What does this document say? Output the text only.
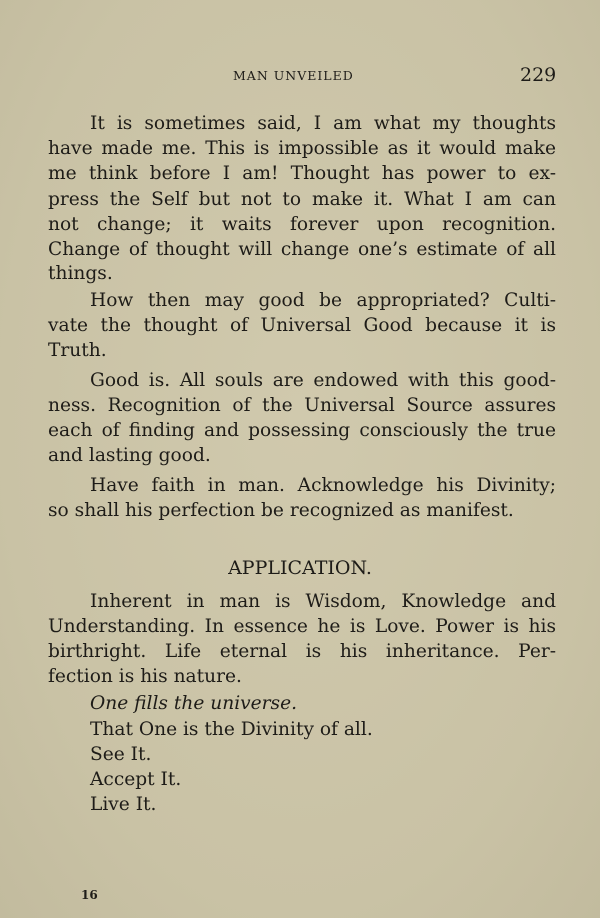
MAN UNVEILED	229
It is sometimes said, I am what my thoughts
have made me. This is impossible as it would make
me think before I am! Thought has power to ex-
press the Self but not to make it. What I am can
not change; it waits forever upon recognition.
Change of thought will change one’s estimate of all
things.
How then may good be appropriated? Culti-
vate the thought of Universal Good because it is
Truth.
Good is. All souls are endowed with this good-
ness. Recognition of the Universal Source assures
each of finding and possessing consciously the true
and lasting good.
Have faith in man. Acknowledge his Divinity;
so shall his perfection be recognized as manifest.
APPLICATION.
Inherent in man is Wisdom, Knowledge and
Understanding. In essence he is Love. Power is his
birthright. Life eternal is his inheritance. Per-
fection is his nature.
One fills the universe.
That One is the Divinity of all.
See It.
Accept It.
Live It.
16
